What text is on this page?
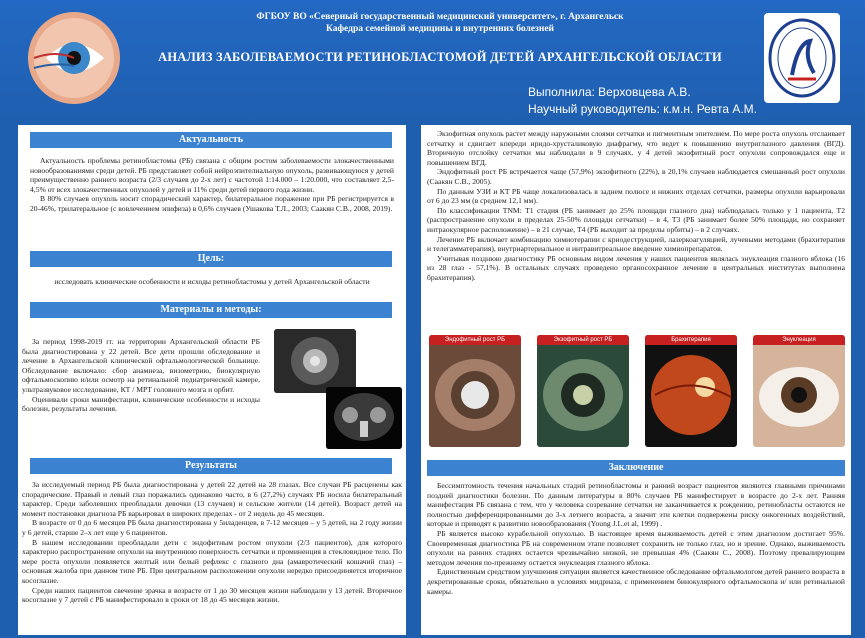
ФГБОУ ВО «Северный государственный медицинский университет», г. Архангельск
Кафедра семейной медицины и внутренних болезней
АНАЛИЗ ЗАБОЛЕВАЕМОСТИ РЕТИНОБЛАСТОМОЙ ДЕТЕЙ АРХАНГЕЛЬСКОЙ ОБЛАСТИ
Выполнила: Верховцева А.В.
Научный руководитель: к.м.н. Ревта А.М.
Актуальность

Актуальность проблемы ретинобластомы (РБ) связана с общим ростом заболеваемости злокачественными новообразованиями среди детей. РБ представляет собой нейроэпителиальную опухоль, развивающуюся у детей преимущественно раннего возраста (2/3 случаев до 2-х лет) с частотой 1:14.000 – 1:20.000, что составляет 2,5-4,5% от всех злокачественных опухолей у детей и 11% среди детей первого года жизни.

В 80% случаев опухоль носит спорадический характер, билатеральное поражение при РБ регистрируется в 20-46%, трилатеральное (с вовлечением эпифиза) в 0,6% случаев (Ушакова Т.Л., 2003; Саакян С.В., 2008, 2019).

Цель:
исследовать клинические особенности и исходы ретинобластомы у детей Архангельской области
Материалы и методы:

За период 1998-2019 гг. на территории Архангельской области РБ была диагностирована у 22 детей. Все дети прошли обследование и лечение в Архангельской клинической офтальмологической больнице. Обследование включало: сбор анамнеза, визометрию, биокулярную офтальмоскопию и/или осмотр на ретинальной педиатрической камере, ультразвуковое исследование, КТ / МРТ головного мозга и орбит.

Оценивали сроки манифестации, клинические особенности и исходы болезни, результаты лечения.

Результаты

За исследуемый период РБ была диагностирована у детей 22 детей на 28 глазах. Все случаи РБ расценены как спорадические. Правый и левый глаз поражались одинаково часто, в 6 (27,2%) случаях РБ носила билатеральный характер. Среди заболевших преобладали девочки (13 случаев) и сельские жители (14 детей). Возраст детей на момент постановки диагноза РБ варьировал в широких пределах - от 2 недель до 45 месяцев.

В возрасте от 0 до 6 месяцев РБ была диагностирована у 5иладенцев, в 7-12 месяцев – у 5 детей, на 2 году жизни у 6 детей, старше 2–х лет еще у 6 пациентов.

В нашем исследовании преобладали дети с эндофитным ростом опухоли (2/3 пациентов), для которого характерно распространение опухоли на внутреннюю поверхность сетчатки и проминенция в стекловидное тело. По мере роста опухоли появляется желтый или белый рефлекс с глазного дна (амавротический кошачий глаз) – основная жалоба при данном типе РБ. При центральном расположении опухоли нередко присоединяется вторичное косоглазие.

Среди наших пациентов свечение зрачка в возрасте от 1 до 30 месяцев жизни наблюдали у 13 детей. Вторичное косоглазие у 7 детей с РБ манифестировало в сроки от 18 до 45 месяцев жизни.

Экзофитная опухоль растет между наружными слоями сетчатки и пигментным эпителием. По мере роста опухоль отслаивает сетчатку и сдвигает кпереди иридо-хрусталиковую диафрагму, что ведет к повышению внутриглазного давления (ВГД). Вторичную отслойку сетчатки мы наблюдали в 9 случаях, у 4 детей экзофитный рост опухоли сопровождался еще и повышением ВГД.

Эндофитный рост РБ встречается чаще (57,9%) экзофитного (22%), в 20,1% случаев наблюдается смешанный рост опухоли (Саакян С.В., 2005).

По данным УЗИ и КТ РБ чаще локализовалась в заднем полюсе и нижних отделах сетчатки, размеры опухоли варьировали от 6 до 23 мм (в среднем 12,1 мм).

По классификации TNM: Т1 стадия (РБ занимает до 25% площади глазного дна) наблюдалась только у 1 пациента, Т2 (распространение опухоли в пределах 25-50% площади сетчатки) – в 4, Т3 (РБ занимает более 50% площади, но сохраняет интраокулярное расположение) – в 21 случае, Т4 (РБ выходит за пределы орбиты) – в 2 случаях.

Лечение РБ включает комбинацию химиотерапии с криодеструкцией, лазеркоагуляцией, лучевыми методами (брахитерапия и телегамматерапия), внутриартериальное и интравитреальное введение химиопрепаратов.

Учитывая позднюю диагностику РБ основным видом лечения у наших пациентов являлась энуклеация глазного яблока (16 из 28 глаз - 57,1%). В остальных случаях проведено органосохранное лечение в центральных институтах выполнена брахитерапия).

Эндофитный рост РБ	Экзофитный рост РБ	Брахитерапия	Энуклеация
Заключение

Бессимптомность течения начальных стадий ретинобластомы и ранний возраст пациентов являются главными причинами поздней диагностики болезни. По данным литературы в 80% случаев РБ манифестирует в возрасте до 2-х лет. Ранняя манифестация РБ связана с тем, что у человека созревание сетчатки не заканчивается к рождению, ретинобласты остаются не полностью дифференцированными до 3-х летнего возраста, а значит эти клетки подвержены риску онкогенных воздействий, которые и приводят к развитию новообразования (Young J.L.et al, 1999) .

РБ является высоко курабельной опухолью. В настоящее время выживаемость детей с этим диагнозом достигает 95%. Своевременная диагностика РБ на современном этапе позволяет сохранить не только глаз, но и зрение. Однако, выживаемость опухоли на ранних стадиях остается чрезвычайно низкой, не превышая 4% (Саакян С., 2008). Поэтому превалирующим методом лечения по-прежнему остается энуклеация глазного яблока.

Единственным средством улучшения ситуации является качественное обследование офтальмологом детей раннего возраста в декретированные сроки, обязательно в условиях мидриаза, с применением бинокулярного офтальмоскопа и/ или ретинальной камеры.
